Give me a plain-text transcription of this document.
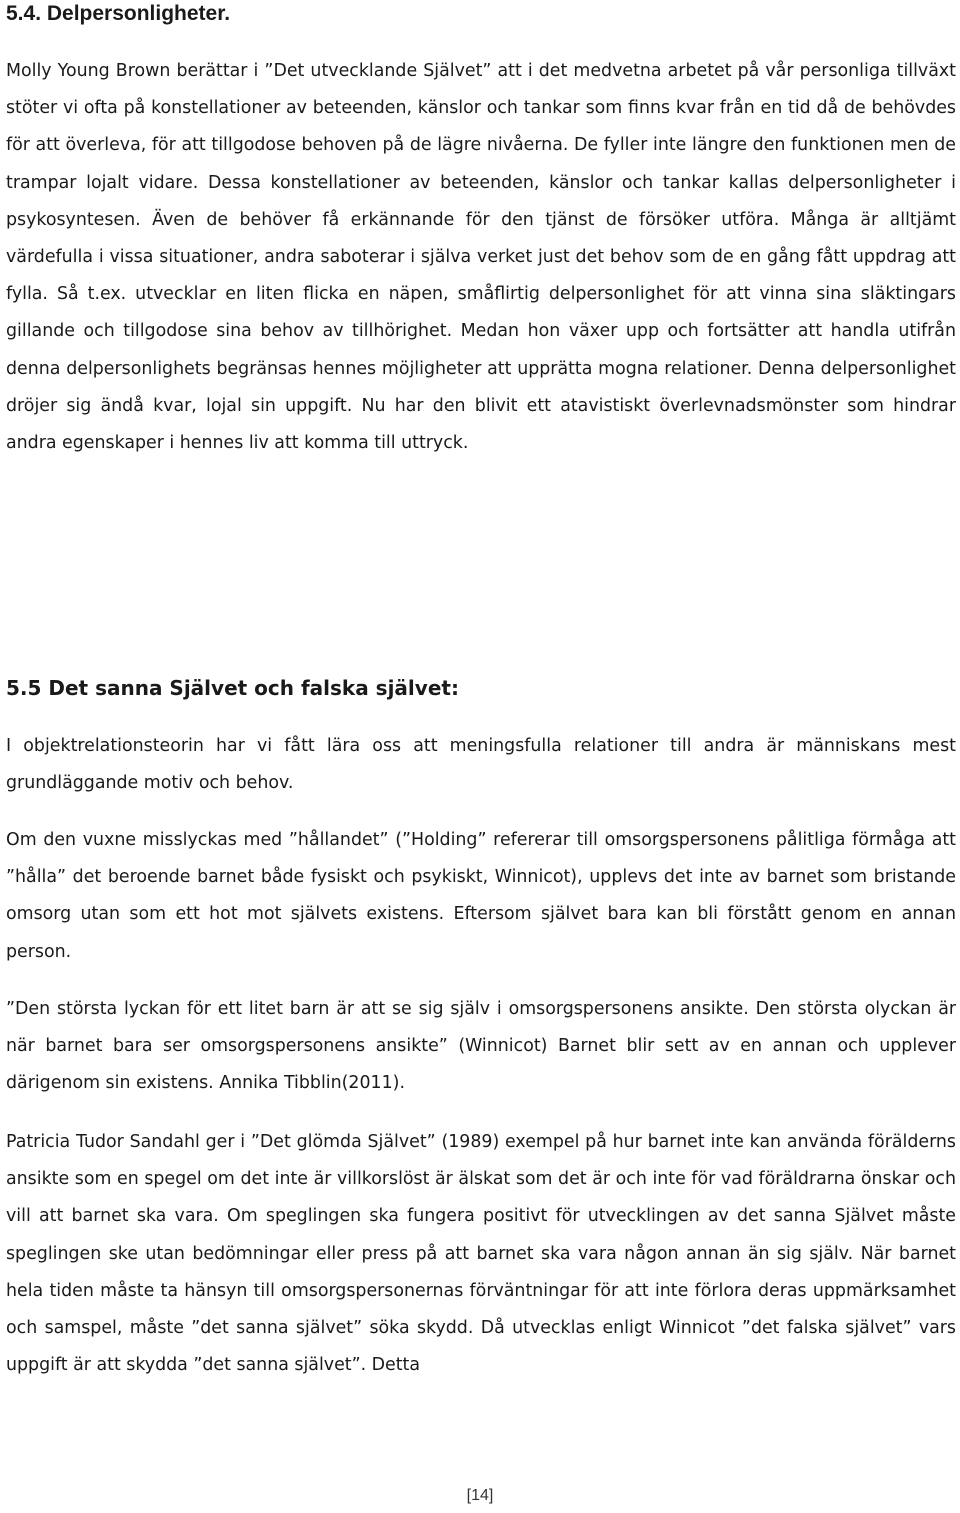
5.4. Delpersonligheter.

Molly Young Brown berättar i ”Det utvecklande Självet” att i det medvetna arbetet på vår personliga tillväxt stöter vi ofta på konstellationer av beteenden, känslor och tankar som finns kvar från en tid då de behövdes för att överleva, för att tillgodose behoven på de lägre nivåerna. De fyller inte längre den funktionen men de trampar lojalt vidare. Dessa konstellationer av beteenden, känslor och tankar kallas delpersonligheter i psykosyntesen. Även de behöver få erkännande för den tjänst de försöker utföra. Många är alltjämt värdefulla i vissa situationer, andra saboterar i själva verket just det behov som de en gång fått uppdrag att fylla. Så t.ex. utvecklar en liten flicka en näpen, småflirtig delpersonlighet för att vinna sina släktingars gillande och tillgodose sina behov av tillhörighet. Medan hon växer upp och fortsätter att handla utifrån denna delpersonlighets begränsas hennes möjligheter att upprätta mogna relationer. Denna delpersonlighet dröjer sig ändå kvar, lojal sin uppgift. Nu har den blivit ett atavistiskt överlevnadsmönster som hindrar andra egenskaper i hennes liv att komma till uttryck.

5.5 Det sanna Självet och falska självet:

I objektrelationsteorin har vi fått lära oss att meningsfulla relationer till andra är människans mest grundläggande motiv och behov.

Om den vuxne misslyckas med ”hållandet” (”Holding” refererar till omsorgspersonens pålitliga förmåga att ”hålla” det beroende barnet både fysiskt och psykiskt, Winnicot), upplevs det inte av barnet som bristande omsorg utan som ett hot mot självets existens. Eftersom självet bara kan bli förstått genom en annan person.

”Den största lyckan för ett litet barn är att se sig själv i omsorgspersonens ansikte. Den största olyckan är när barnet bara ser omsorgspersonens ansikte” (Winnicot) Barnet blir sett av en annan och upplever därigenom sin existens. Annika Tibblin(2011).

Patricia Tudor Sandahl ger i ”Det glömda Självet” (1989) exempel på hur barnet inte kan använda förälderns ansikte som en spegel om det inte är villkorslöst är älskat som det är och inte för vad föräldrarna önskar och vill att barnet ska vara. Om speglingen ska fungera positivt för utvecklingen av det sanna Självet måste speglingen ske utan bedömningar eller press på att barnet ska vara någon annan än sig själv. När barnet hela tiden måste ta hänsyn till omsorgspersonernas förväntningar för att inte förlora deras uppmärksamhet och samspel, måste ”det sanna självet” söka skydd. Då utvecklas enligt Winnicot ”det falska självet” vars uppgift är att skydda ”det sanna självet”. Detta

[14]
